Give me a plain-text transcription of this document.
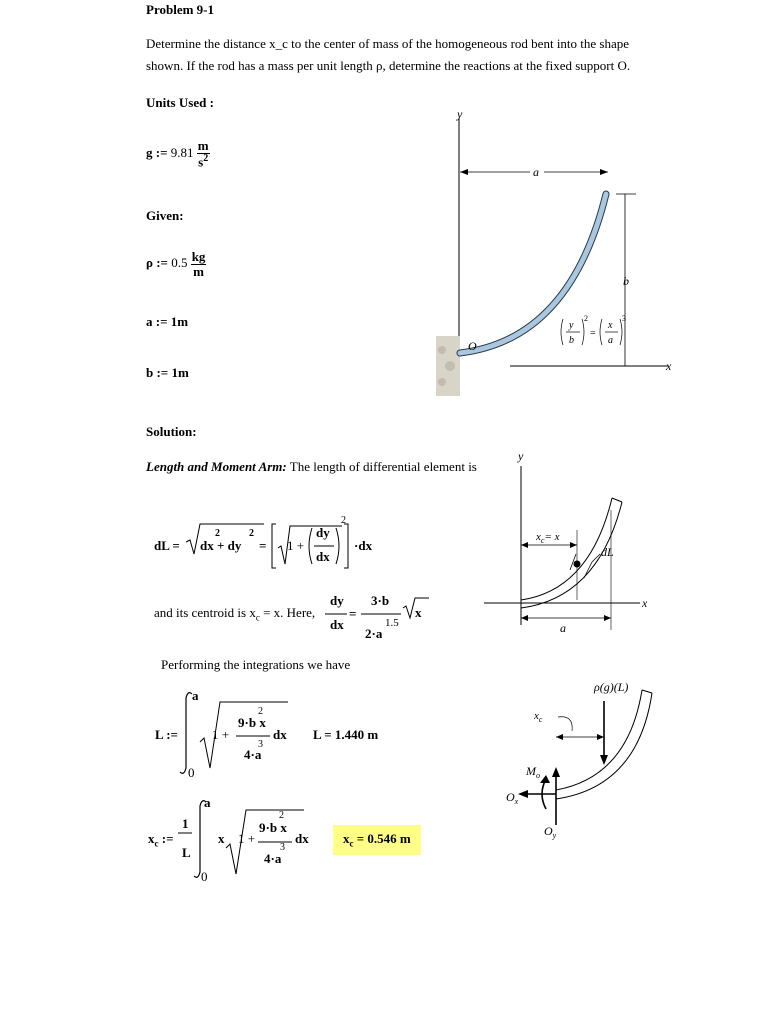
Problem 9-1
Determine the distance x_c to the center of mass of the homogeneous rod bent into the shape
shown. If the rod has a mass per unit length ρ, determine the reactions at the fixed support O.
Units Used :
g := $9.81 \frac{m}{s^2}$
Given:
ρ := $0.5 \frac{kg}{m}$
a := 1m
b := 1m
Solution:
Length and Moment Arm: The length of differential element is
dL = dx + dy
2	2
= 1 +
dy
dx
2
·dx
and its centroid is $x_c = x$. Here,
dy
dx
=
3·b
2·a
1.5
x
Performing the integrations we have
L :=
a
0
1 +
9·b x
2
4·a
3
dx L = 1.440 m
$x_c$ :=
1
L
a
0
x 1 +
9·b x
2
4·a
3
dx	$x_c = 0.546$ m
y
x
a
b
O
y
b
2
=
x
a
3
y
x
dL
$x_c= x$
a
ρ(g)(L)
$x_c$
$O_y$
$O_x$
$M_o$
